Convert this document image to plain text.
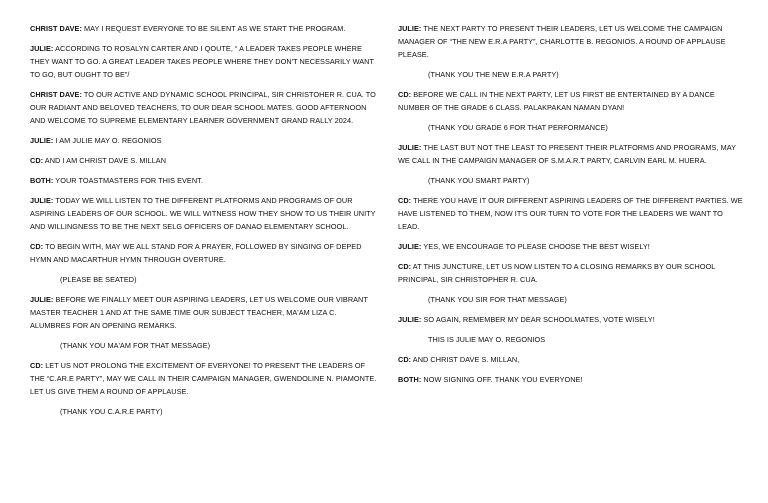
CHRIST DAVE: MAY I REQUEST EVERYONE TO BE SILENT AS WE START THE PROGRAM.

JULIE: ACCORDING TO ROSALYN CARTER AND I QOUTE, “ A LEADER TAKES PEOPLE WHERE THEY WANT TO GO. A GREAT LEADER TAKES PEOPLE WHERE THEY DON'T NECESSARILY WANT TO GO, BUT OUGHT TO BE”/

CHRIST DAVE: TO OUR ACTIVE AND DYNAMIC SCHOOL PRINCIPAL, SIR CHRISTOHER R. CUA. TO OUR RADIANT AND BELOVED TEACHERS, TO OUR DEAR SCHOOL MATES. GOOD AFTERNOON AND WELCOME TO SUPREME ELEMENTARY LEARNER GOVERNMENT GRAND RALLY 2024.

JULIE: I AM JULIE MAY O. REGONIOS

CD: AND I AM CHRIST DAVE S. MILLAN

BOTH: YOUR TOASTMASTERS FOR THIS EVENT.

JULIE: TODAY WE WILL LISTEN TO THE DIFFERENT PLATFORMS AND PROGRAMS OF OUR ASPIRING LEADERS OF OUR SCHOOL. WE WILL WITNESS HOW THEY SHOW TO US THEIR UNITY AND WILLINGNESS TO BE THE NEXT SELG OFFICERS OF DANAO ELEMENTARY SCHOOL.

CD: TO BEGIN WITH, MAY WE ALL STAND FOR A PRAYER, FOLLOWED BY SINGING OF DEPED HYMN AND MACARTHUR HYMN THROUGH OVERTURE.

(PLEASE BE SEATED)

JULIE: BEFORE WE FINALLY MEET OUR ASPIRING LEADERS, LET US WELCOME OUR VIBRANT MASTER TEACHER 1 AND AT THE SAME TIME OUR SUBJECT TEACHER, MA'AM LIZA C. ALUMBRES FOR AN OPENING REMARKS.

(THANK YOU MA'AM FOR THAT MESSAGE)

CD: LET US NOT PROLONG THE EXCITEMENT OF EVERYONE! TO PRESENT THE LEADERS OF THE “C.AR.E PARTY”, MAY WE CALL IN THEIR CAMPAIGN MANAGER, GWENDOLINE N. PIAMONTE. LET US GIVE THEM A ROUND OF APPLAUSE.

(THANK YOU C.A.R.E PARTY)

JULIE: THE NEXT PARTY TO PRESENT THEIR LEADERS, LET US WELCOME THE CAMPAIGN MANAGER OF “THE NEW E.R.A PARTY”, CHARLOTTE B. REGONIOS. A ROUND OF APPLAUSE PLEASE.

(THANK YOU THE NEW E.R.A PARTY)

CD: BEFORE WE CALL IN THE NEXT PARTY, LET US FIRST BE ENTERTAINED BY A DANCE NUMBER OF THE GRADE 6 CLASS. PALAKPAKAN NAMAN DYAN!

(THANK YOU GRADE 6 FOR THAT PERFORMANCE)

JULIE: THE LAST BUT NOT THE LEAST TO PRESENT THEIR PLATFORMS AND PROGRAMS, MAY WE CALL IN THE CAMPAIGN MANAGER OF S.M.A.R.T PARTY, CARLVIN EARL M. HUERA.

(THANK YOU SMART PARTY)

CD: THERE YOU HAVE IT OUR DIFFERENT ASPIRING LEADERS OF THE DIFFERENT PARTIES. WE HAVE LISTENED TO THEM, NOW IT'S OUR TURN TO VOTE FOR THE LEADERS WE WANT TO LEAD.

JULIE: YES, WE ENCOURAGE TO PLEASE CHOOSE THE BEST WISELY!

CD: AT THIS JUNCTURE, LET US NOW LISTEN TO A CLOSING REMARKS BY OUR SCHOOL PRINCIPAL, SIR CHRISTOPHER R. CUA.

(THANK YOU SIR FOR THAT MESSAGE)

JULIE: SO AGAIN, REMEMBER MY DEAR SCHOOLMATES, VOTE WISELY!

THIS IS JULIE MAY O. REGONIOS

CD: AND CHRIST DAVE S. MILLAN,

BOTH: NOW SIGNING OFF. THANK YOU EVERYONE!
